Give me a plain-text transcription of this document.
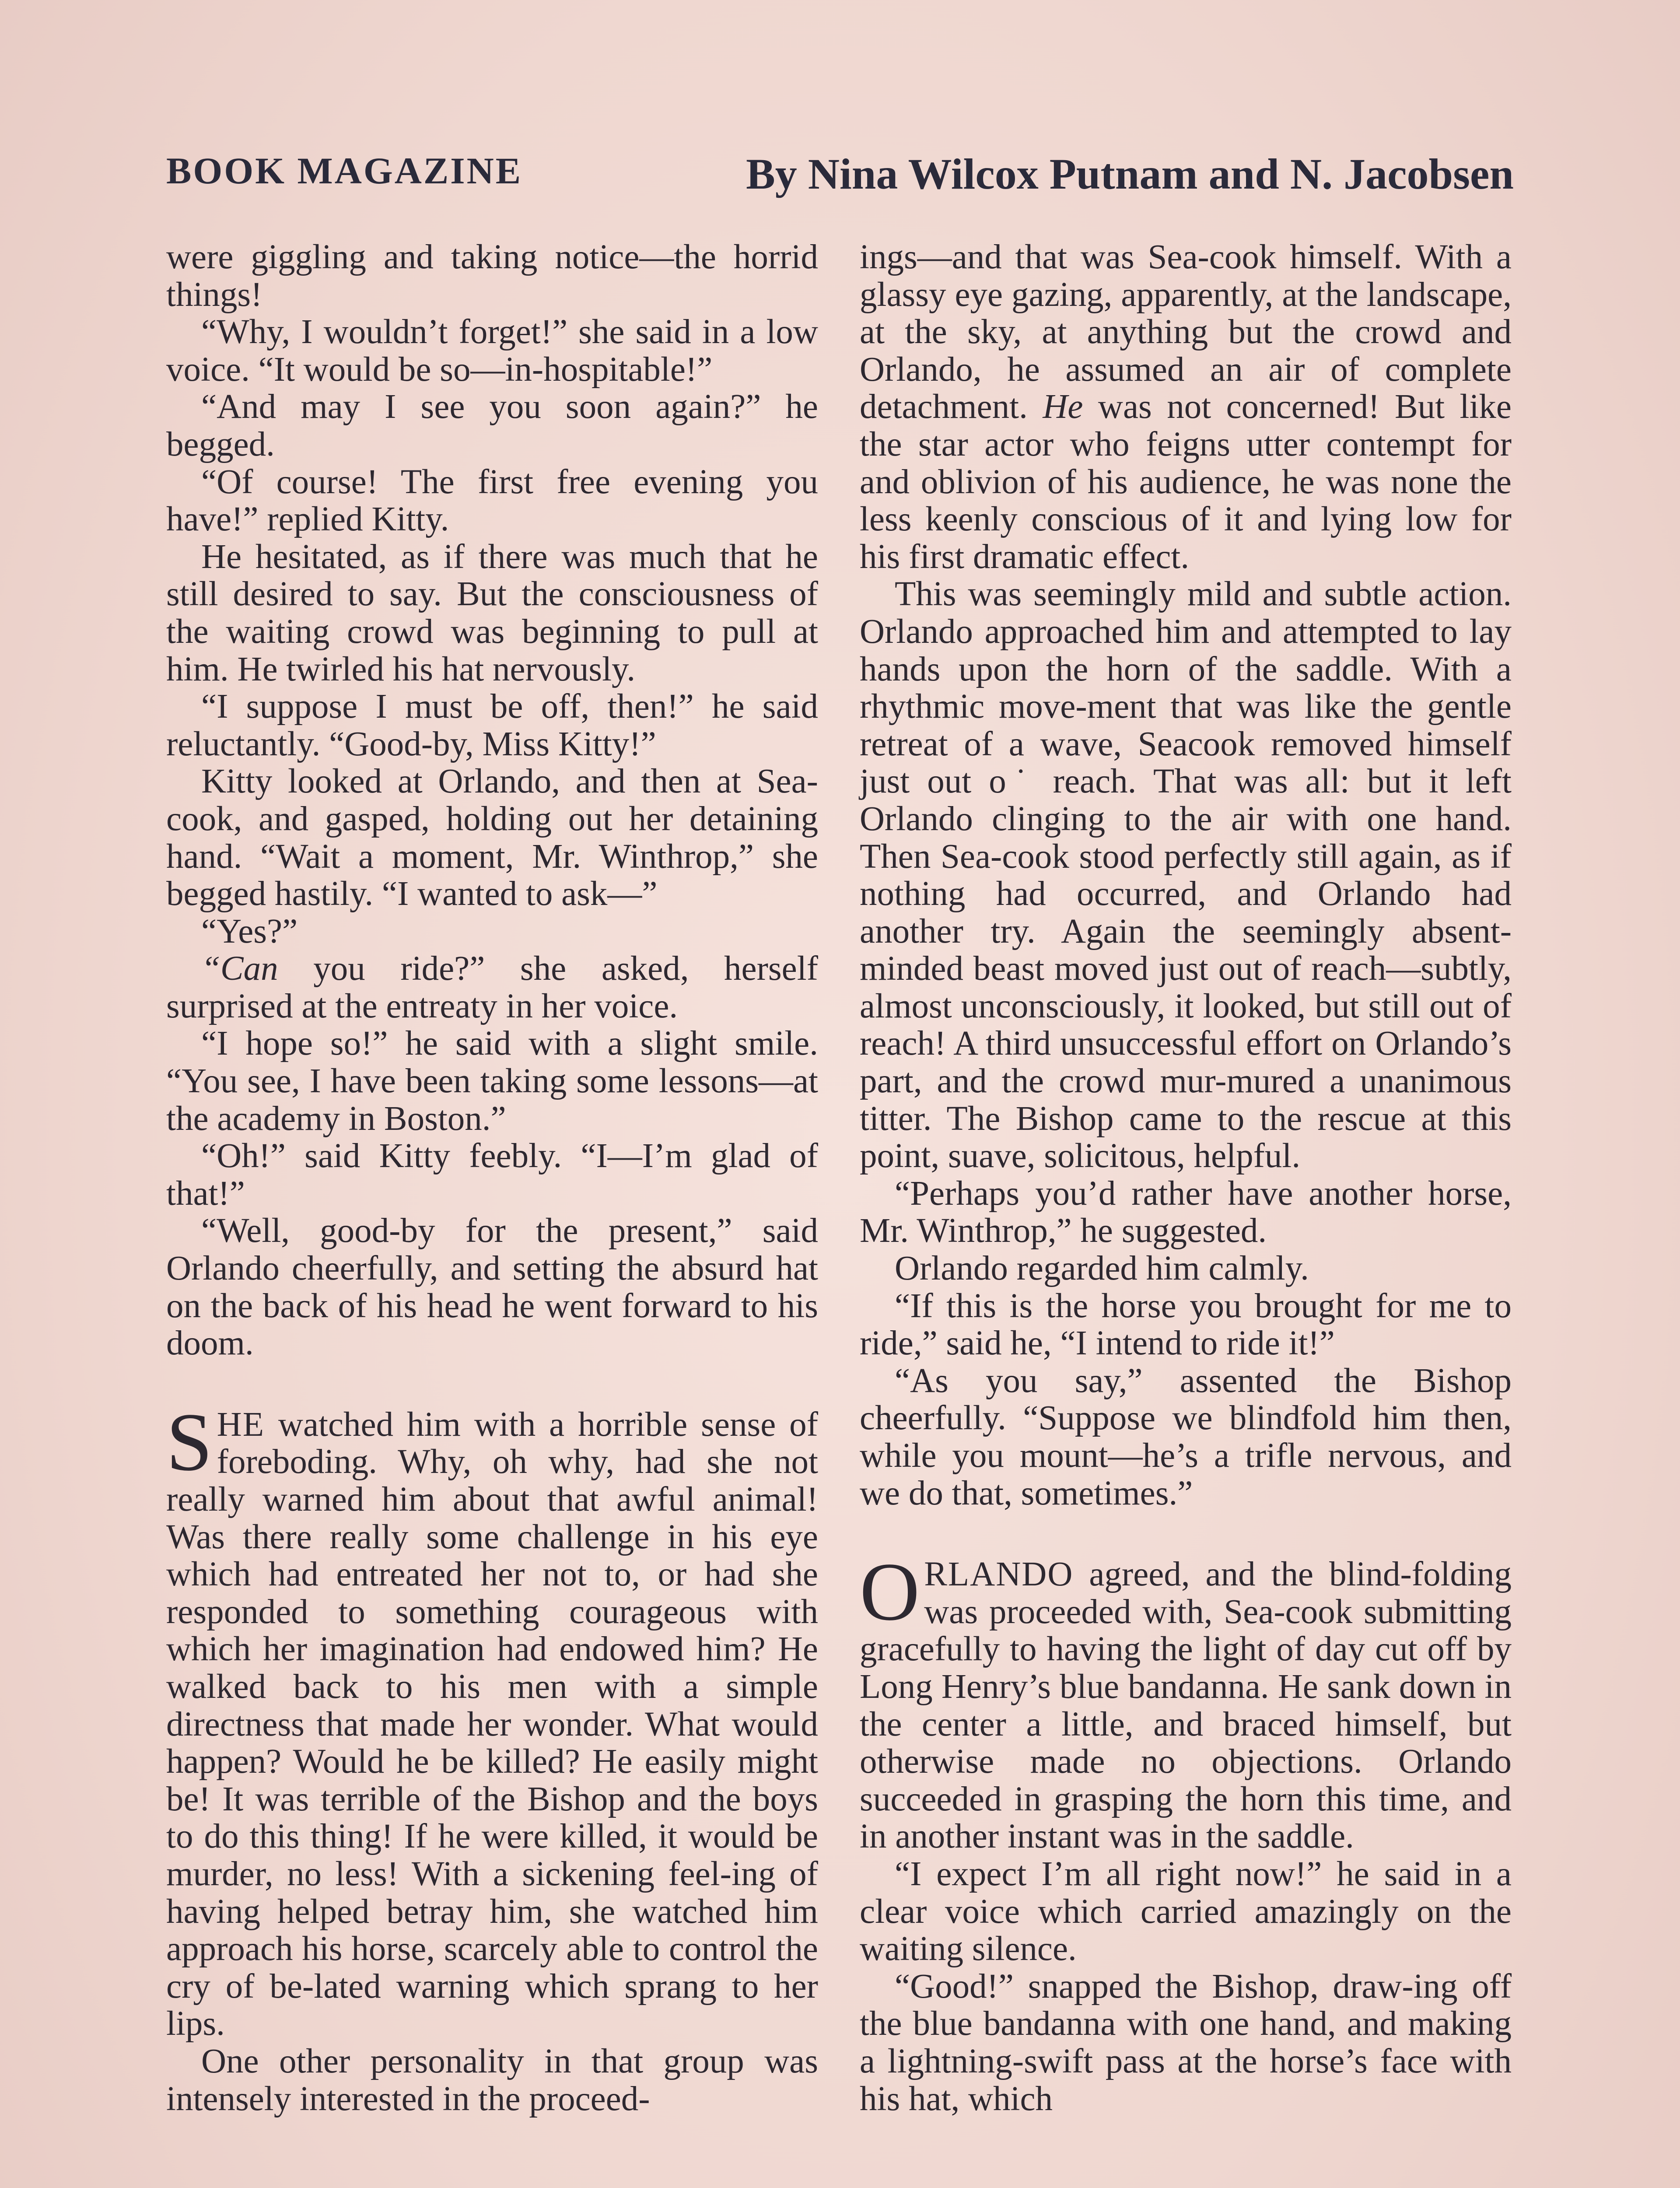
BOOK MAGAZINE	By Nina Wilcox Putnam and N. Jacobsen

were giggling and taking notice—the horrid things!

“Why, I wouldn’t forget!” she said in a low voice. “It would be so—in-hospitable!”

“And may I see you soon again?” he begged.

“Of course! The first free evening you have!” replied Kitty.

He hesitated, as if there was much that he still desired to say. But the consciousness of the waiting crowd was beginning to pull at him. He twirled his hat nervously.

“I suppose I must be off, then!” he said reluctantly. “Good-by, Miss Kitty!”

Kitty looked at Orlando, and then at Sea-cook, and gasped, holding out her detaining hand. “Wait a moment, Mr. Winthrop,” she begged hastily. “I wanted to ask—”

“Yes?”

“Can you ride?” she asked, herself surprised at the entreaty in her voice.

“I hope so!” he said with a slight smile. “You see, I have been taking some lessons—at the academy in Boston.”

“Oh!” said Kitty feebly. “I—I’m glad of that!”

“Well, good-by for the present,” said Orlando cheerfully, and setting the absurd hat on the back of his head he went forward to his doom.

SHE watched him with a horrible sense of foreboding. Why, oh why, had she not really warned him about that awful animal! Was there really some challenge in his eye which had entreated her not to, or had she responded to something courageous with which her imagination had endowed him? He walked back to his men with a simple directness that made her wonder. What would happen? Would he be killed? He easily might be! It was terrible of the Bishop and the boys to do this thing! If he were killed, it would be murder, no less! With a sickening feel-ing of having helped betray him, she watched him approach his horse, scarcely able to control the cry of be-lated warning which sprang to her lips.

One other personality in that group was intensely interested in the proceed-

ings—and that was Sea-cook himself. With a glassy eye gazing, apparently, at the landscape, at the sky, at anything but the crowd and Orlando, he assumed an air of complete detachment. He was not concerned! But like the star actor who feigns utter contempt for and oblivion of his audience, he was none the less keenly conscious of it and lying low for his first dramatic effect.

This was seemingly mild and subtle action. Orlando approached him and attempted to lay hands upon the horn of the saddle. With a rhythmic move-ment that was like the gentle retreat of a wave, Seacook removed himself just out o˙ reach. That was all: but it left Orlando clinging to the air with one hand. Then Sea-cook stood perfectly still again, as if nothing had occurred, and Orlando had another try. Again the seemingly absent-minded beast moved just out of reach—subtly, almost unconsciously, it looked, but still out of reach! A third unsuccessful effort on Orlando’s part, and the crowd mur-mured a unanimous titter. The Bishop came to the rescue at this point, suave, solicitous, helpful.

“Perhaps you’d rather have another horse, Mr. Winthrop,” he suggested.

Orlando regarded him calmly.

“If this is the horse you brought for me to ride,” said he, “I intend to ride it!”

“As you say,” assented the Bishop cheerfully. “Suppose we blindfold him then, while you mount—he’s a trifle nervous, and we do that, sometimes.”

ORLANDO agreed, and the blind-folding was proceeded with, Sea-cook submitting gracefully to having the light of day cut off by Long Henry’s blue bandanna. He sank down in the center a little, and braced himself, but otherwise made no objections. Orlando succeeded in grasping the horn this time, and in another instant was in the saddle.

“I expect I’m all right now!” he said in a clear voice which carried amazingly on the waiting silence.

“Good!” snapped the Bishop, draw-ing off the blue bandanna with one hand, and making a lightning-swift pass at the horse’s face with his hat, which
